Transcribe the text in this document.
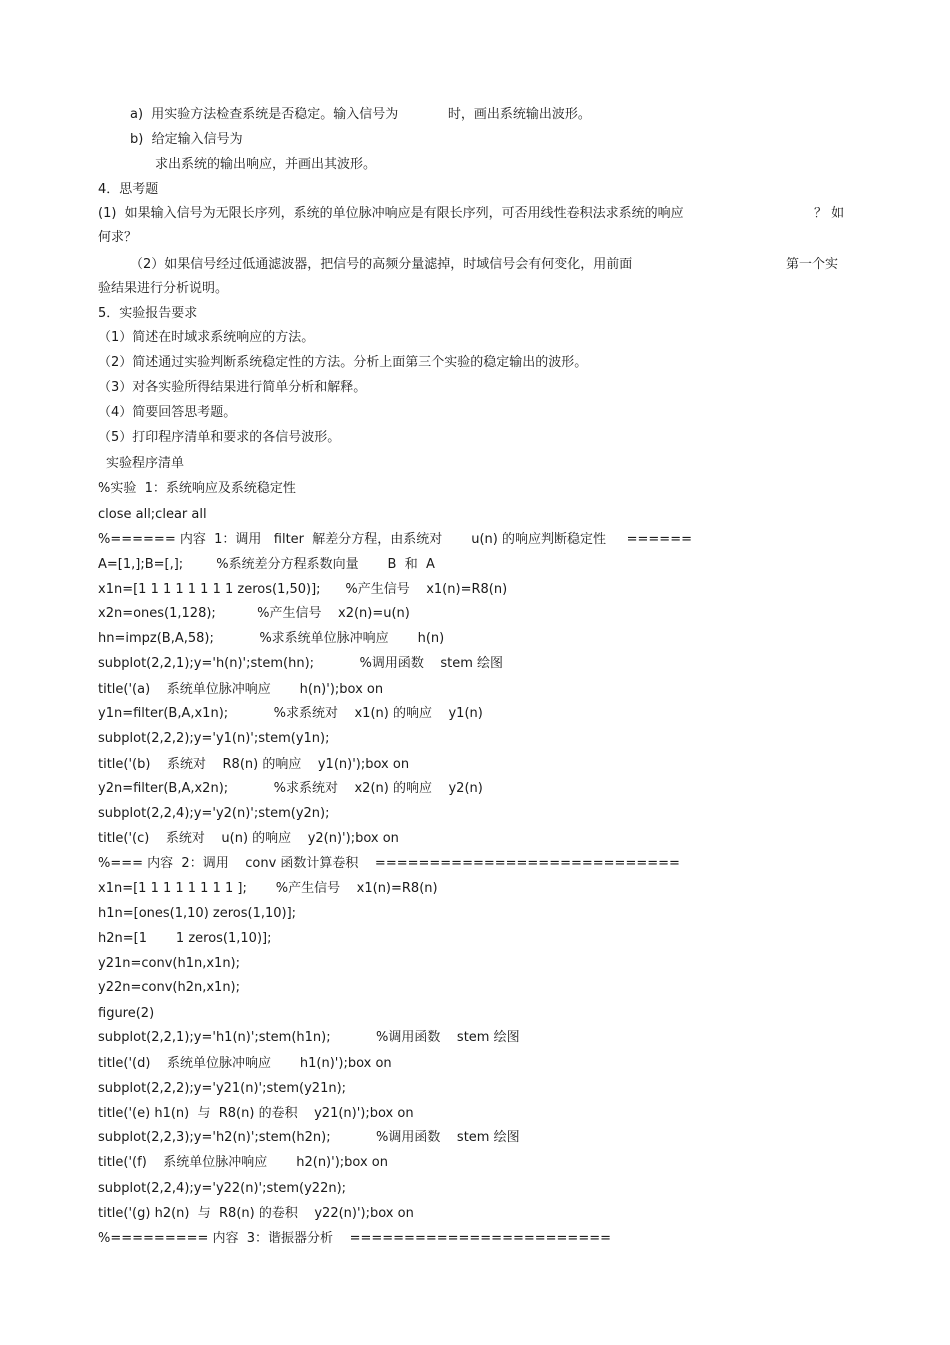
a)  用实验方法检查系统是否稳定。输入信号为            时，画出系统输出波形。
b)  给定输入信号为
求出系统的输出响应，并画出其波形。
4．思考题
(1)  如果输入信号为无限长序列，系统的单位脉冲响应是有限长序列，可否用线性卷积法求系统的响应	？ 如
何求？
（2）如果信号经过低通滤波器，把信号的高频分量滤掉，时域信号会有何变化，用前面	第一个实
验结果进行分析说明。
5．实验报告要求
（1）简述在时域求系统响应的方法。
（2）简述通过实验判断系统稳定性的方法。分析上面第三个实验的稳定输出的波形。
（3）对各实验所得结果进行简单分析和解释。
（4）简要回答思考题。
（5）打印程序清单和要求的各信号波形。
实验程序清单
%实验  1：系统响应及系统稳定性
close all;clear all
%====== 内容  1：调用   filter  解差分方程，由系统对       u(n) 的响应判断稳定性     ======
A=[1,];B=[,];        %系统差分方程系数向量       B  和  A
x1n=[1 1 1 1 1 1 1 1 zeros(1,50)];      %产生信号    x1(n)=R8(n)
x2n=ones(1,128);          %产生信号    x2(n)=u(n)
hn=impz(B,A,58);           %求系统单位脉冲响应       h(n)
subplot(2,2,1);y='h(n)';stem(hn);           %调用函数    stem 绘图
title('(a)    系统单位脉冲响应       h(n)');box on
y1n=filter(B,A,x1n);           %求系统对    x1(n) 的响应    y1(n)
subplot(2,2,2);y='y1(n)';stem(y1n);
title('(b)    系统对    R8(n) 的响应    y1(n)');box on
y2n=filter(B,A,x2n);           %求系统对    x2(n) 的响应    y2(n)
subplot(2,2,4);y='y2(n)';stem(y2n);
title('(c)    系统对    u(n) 的响应    y2(n)');box on
%=== 内容  2：调用    conv 函数计算卷积    ============================
x1n=[1 1 1 1 1 1 1 1 ];       %产生信号    x1(n)=R8(n)
h1n=[ones(1,10) zeros(1,10)];
h2n=[1       1 zeros(1,10)];
y21n=conv(h1n,x1n);
y22n=conv(h2n,x1n);
figure(2)
subplot(2,2,1);y='h1(n)';stem(h1n);           %调用函数    stem 绘图
title('(d)    系统单位脉冲响应       h1(n)');box on
subplot(2,2,2);y='y21(n)';stem(y21n);
title('(e) h1(n)  与  R8(n) 的卷积    y21(n)');box on
subplot(2,2,3);y='h2(n)';stem(h2n);           %调用函数    stem 绘图
title('(f)    系统单位脉冲响应       h2(n)');box on
subplot(2,2,4);y='y22(n)';stem(y22n);
title('(g) h2(n)  与  R8(n) 的卷积    y22(n)');box on
%========= 内容  3：谐振器分析    ========================
